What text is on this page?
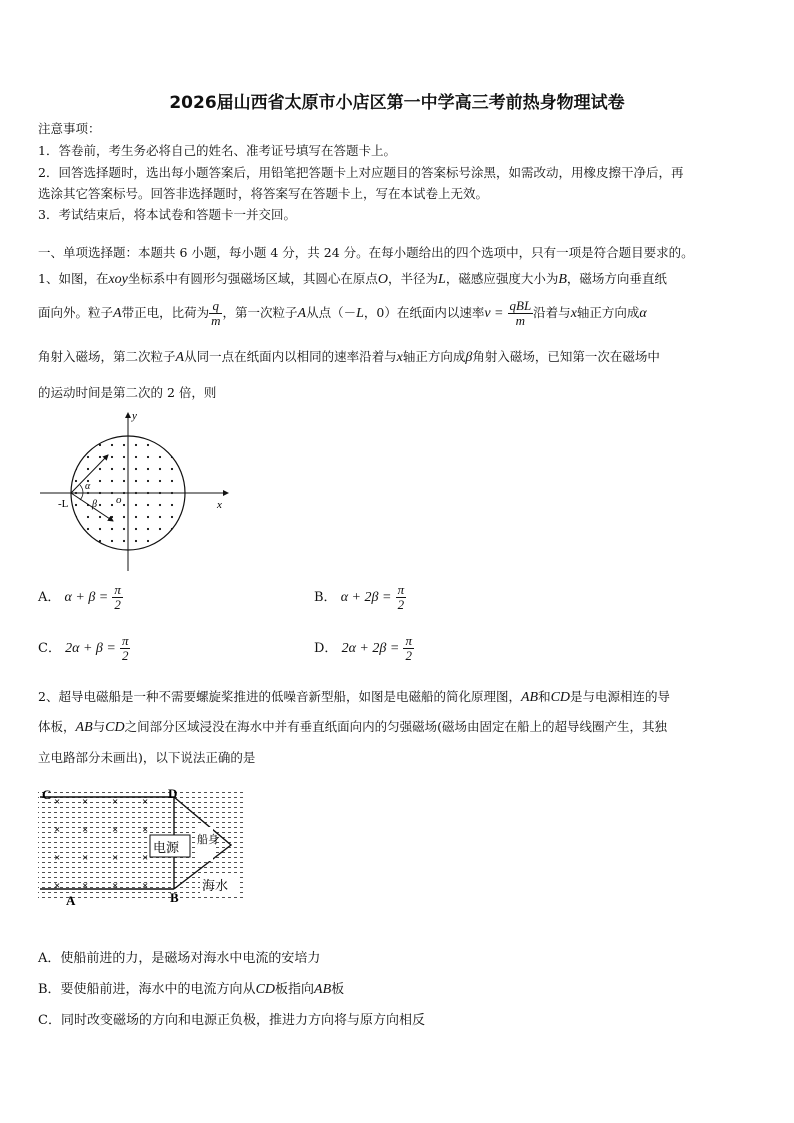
2026届山西省太原市小店区第一中学高三考前热身物理试卷
注意事项：
1．答卷前，考生务必将自己的姓名、准考证号填写在答题卡上。
2．回答选择题时，选出每小题答案后，用铅笔把答题卡上对应题目的答案标号涂黑，如需改动，用橡皮擦干净后，再
选涂其它答案标号。回答非选择题时，将答案写在答题卡上，写在本试卷上无效。
3．考试结束后，将本试卷和答题卡一并交回。
一、单项选择题：本题共 6 小题，每小题 4 分，共 24 分。在每小题给出的四个选项中，只有一项是符合题目要求的。
1、如图，在xoy坐标系中有圆形匀强磁场区域，其圆心在原点O，半径为L，磁感应强度大小为B，磁场方向垂直纸
面向外。粒子A带正电，比荷为 $\frac{q}{m}$ ，第一次粒子A从点（－L，0）在纸面内以速率$v = \frac{\text{qBL}}{m}$ 沿着与x轴正方向成α
角射入磁场，第二次粒子A从同一点在纸面内以相同的速率沿着与x轴正方向成β角射入磁场，已知第一次在磁场中
的运动时间是第二次的 2 倍，则
y
x
o
-L
α
β
A． $\alpha + \beta = \frac{\pi}{2}$	B． $\alpha + 2\beta = \frac{\pi}{2}$
C． $2\alpha + \beta = \frac{\pi}{2}$	D． $2\alpha + 2\beta = \frac{\pi}{2}$
2、超导电磁船是一种不需要螺旋桨推进的低噪音新型船，如图是电磁船的简化原理图，AB和CD是与电源相连的导
体板，AB与CD之间部分区域浸没在海水中并有垂直纸面向内的匀强磁场(磁场由固定在船上的超导线圈产生，其独
立电路部分未画出)，以下说法正确的是
电源
船身
海水
× × × ×
× × × ×
× × × ×
× × × ×
C	D
A	B
A．使船前进的力，是磁场对海水中电流的安培力
B．要使船前进，海水中的电流方向从CD板指向AB板
C．同时改变磁场的方向和电源正负极，推进力方向将与原方向相反
